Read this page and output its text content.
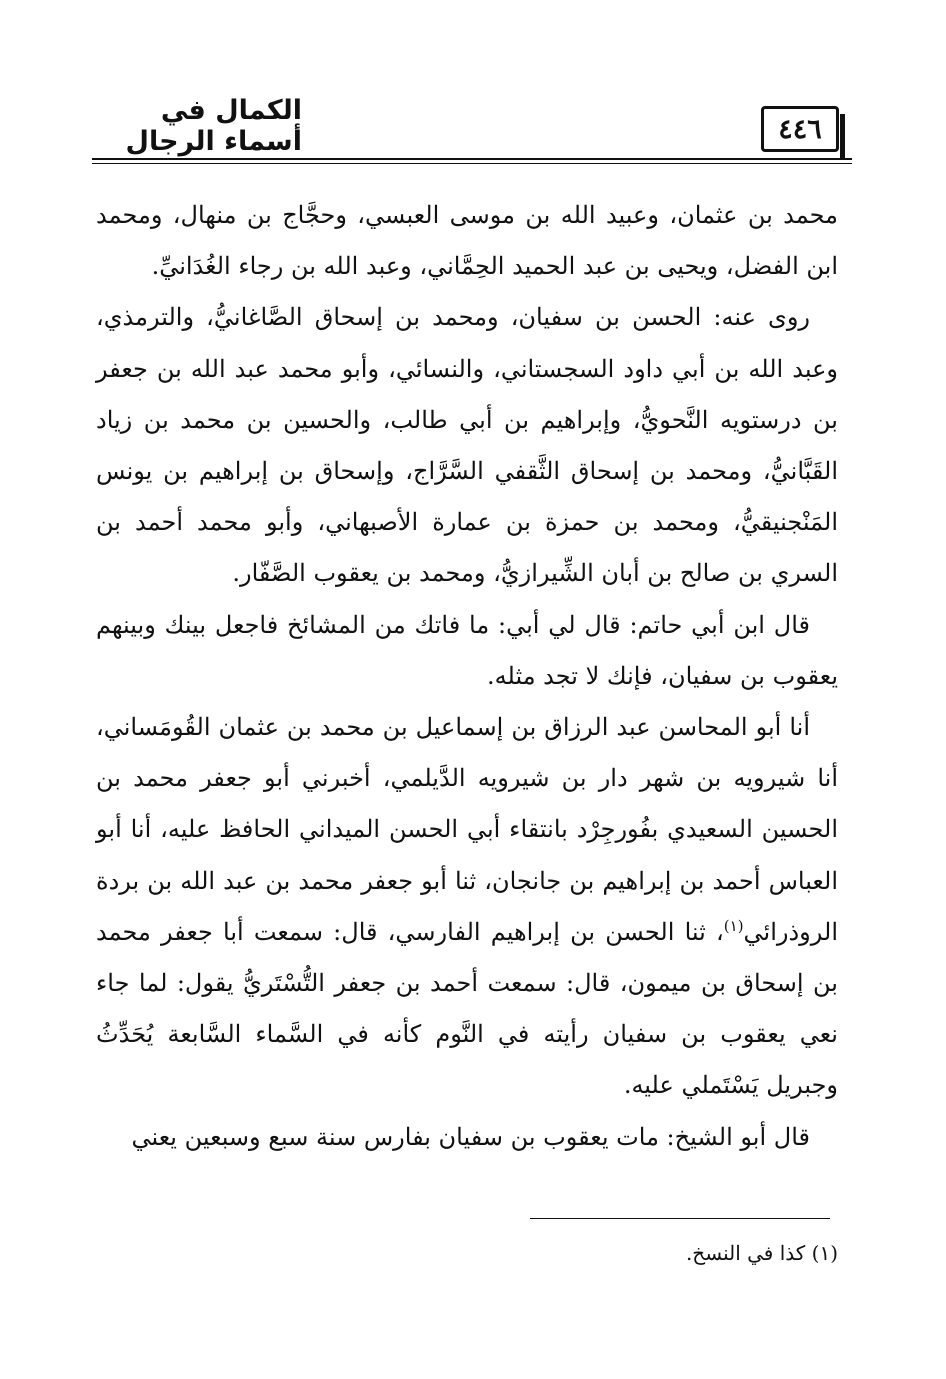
٤٤٦
الكمال في أسماء الرجال

محمد بن عثمان، وعبيد الله بن موسى العبسي، وحجَّاج بن منهال، ومحمد ابن الفضل، ويحيى بن عبد الحميد الحِمَّاني، وعبد الله بن رجاء الغُدَانيِّ.

روى عنه: الحسن بن سفيان، ومحمد بن إسحاق الصَّاغانيُّ، والترمذي، وعبد الله بن أبي داود السجستاني، والنسائي، وأبو محمد عبد الله بن جعفر بن درستويه النَّحويُّ، وإبراهيم بن أبي طالب، والحسين بن محمد بن زياد القَبَّانيُّ، ومحمد بن إسحاق الثَّقفي السَّرَّاج، وإسحاق بن إبراهيم بن يونس المَنْجنيقيُّ، ومحمد بن حمزة بن عمارة الأصبهاني، وأبو محمد أحمد بن السري بن صالح بن أبان الشِّيرازيُّ، ومحمد بن يعقوب الصَّفّار.

قال ابن أبي حاتم: قال لي أبي: ما فاتك من المشائخ فاجعل بينك وبينهم يعقوب بن سفيان، فإنك لا تجد مثله.

أنا أبو المحاسن عبد الرزاق بن إسماعيل بن محمد بن عثمان القُومَساني، أنا شيرويه بن شهر دار بن شيرويه الدَّيلمي، أخبرني أبو جعفر محمد بن الحسين السعيدي بفُورجِرْد بانتقاء أبي الحسن الميداني الحافظ عليه، أنا أبو العباس أحمد بن إبراهيم بن جانجان، ثنا أبو جعفر محمد بن عبد الله بن بردة الروذرائي$^{(١)}$، ثنا الحسن بن إبراهيم الفارسي، قال: سمعت أبا جعفر محمد بن إسحاق بن ميمون، قال: سمعت أحمد بن جعفر التُّسْتَريُّ يقول: لما جاء نعي يعقوب بن سفيان رأيته في النَّوم كأنه في السَّماء السَّابعة يُحَدِّثُ وجبريل يَسْتَملي عليه.

قال أبو الشيخ: مات يعقوب بن سفيان بفارس سنة سبع وسبعين يعني

(١) كذا في النسخ.
